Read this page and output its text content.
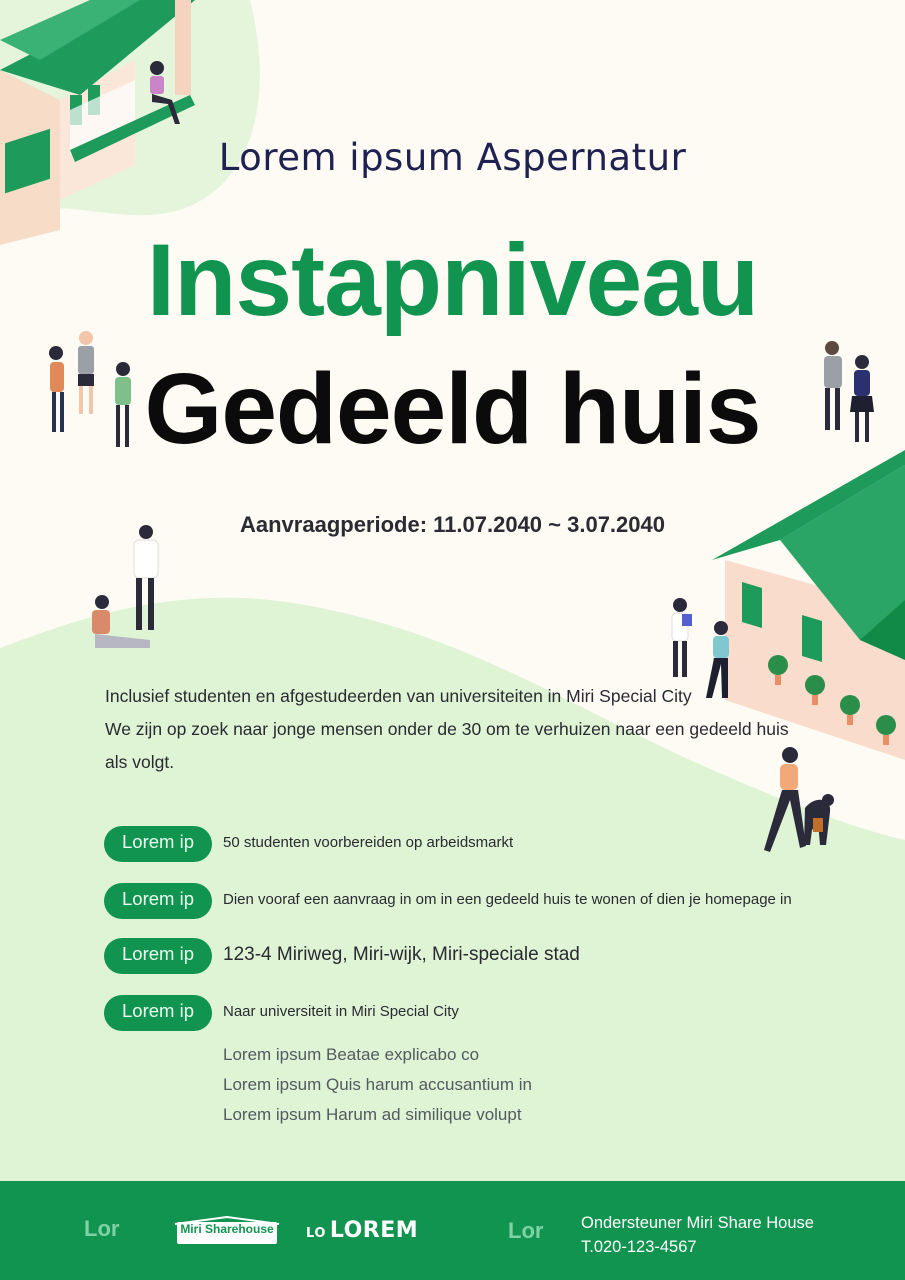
Lorem ipsum Aspernatur
Instapniveau
Gedeeld huis
Aanvraagperiode: 11.07.2040 ~ 3.07.2040
Inclusief studenten en afgestudeerden van universiteiten in Miri Special City
We zijn op zoek naar jonge mensen onder de 30 om te verhuizen naar een gedeeld huis
als volgt.
Lorem ip	50 studenten voorbereiden op arbeidsmarkt
Lorem ip	Dien vooraf een aanvraag in om in een gedeeld huis te wonen of dien je homepage in
Lorem ip	123-4 Miriweg, Miri-wijk, Miri-speciale stad
Lorem ip	Naar universiteit in Miri Special City
Lorem ipsum Beatae explicabo co
Lorem ipsum Quis harum accusantium in
Lorem ipsum Harum ad similique volupt
Lor	Miri Sharehouse	LO LOREM	Lor Ondersteuner Miri Share House
T.020-123-4567
